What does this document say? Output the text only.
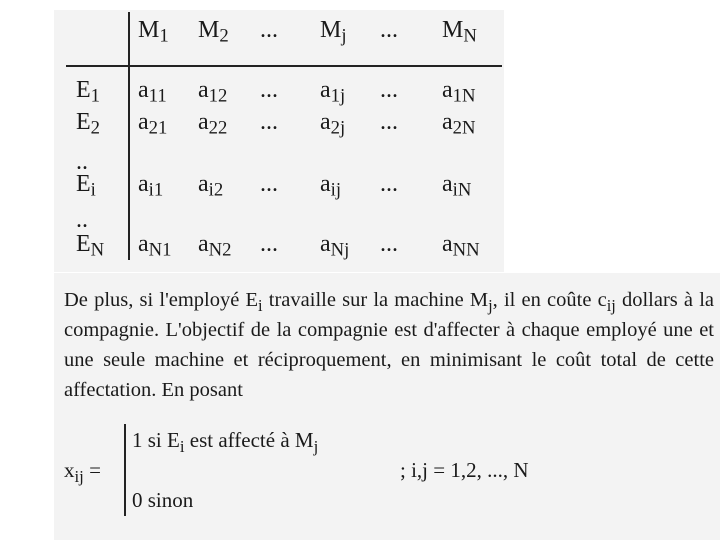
$M_1$ $M_2$ ... $M_j$ ... $M_N$
$E_1$
$E_2$
..
$E_i$
..
$E_N$
$a_{11}$ $a_{12}$ ... $a_{1j}$ ... $a_{1N}$
$a_{21}$ $a_{22}$ ... $a_{2j}$ ... $a_{2N}$
$a_{i1}$ $a_{i2}$ ... $a_{ij}$ ... $a_{iN}$
$a_{N1}$ $a_{N2}$ ... $a_{Nj}$ ... $a_{NN}$

De plus, si l'employé $E_i$ travaille sur la machine $M_j$, il en coûte $c_{ij}$ dollars à la compagnie. L'objectif de la compagnie est d'affecter à chaque employé une et une seule machine et réciproquement, en minimisant le coût total de cette affectation. En posant

$x_{ij}$ =
1 si $E_i$ est affecté à $M_j$
0 sinon
; i,j = 1,2, ..., N
